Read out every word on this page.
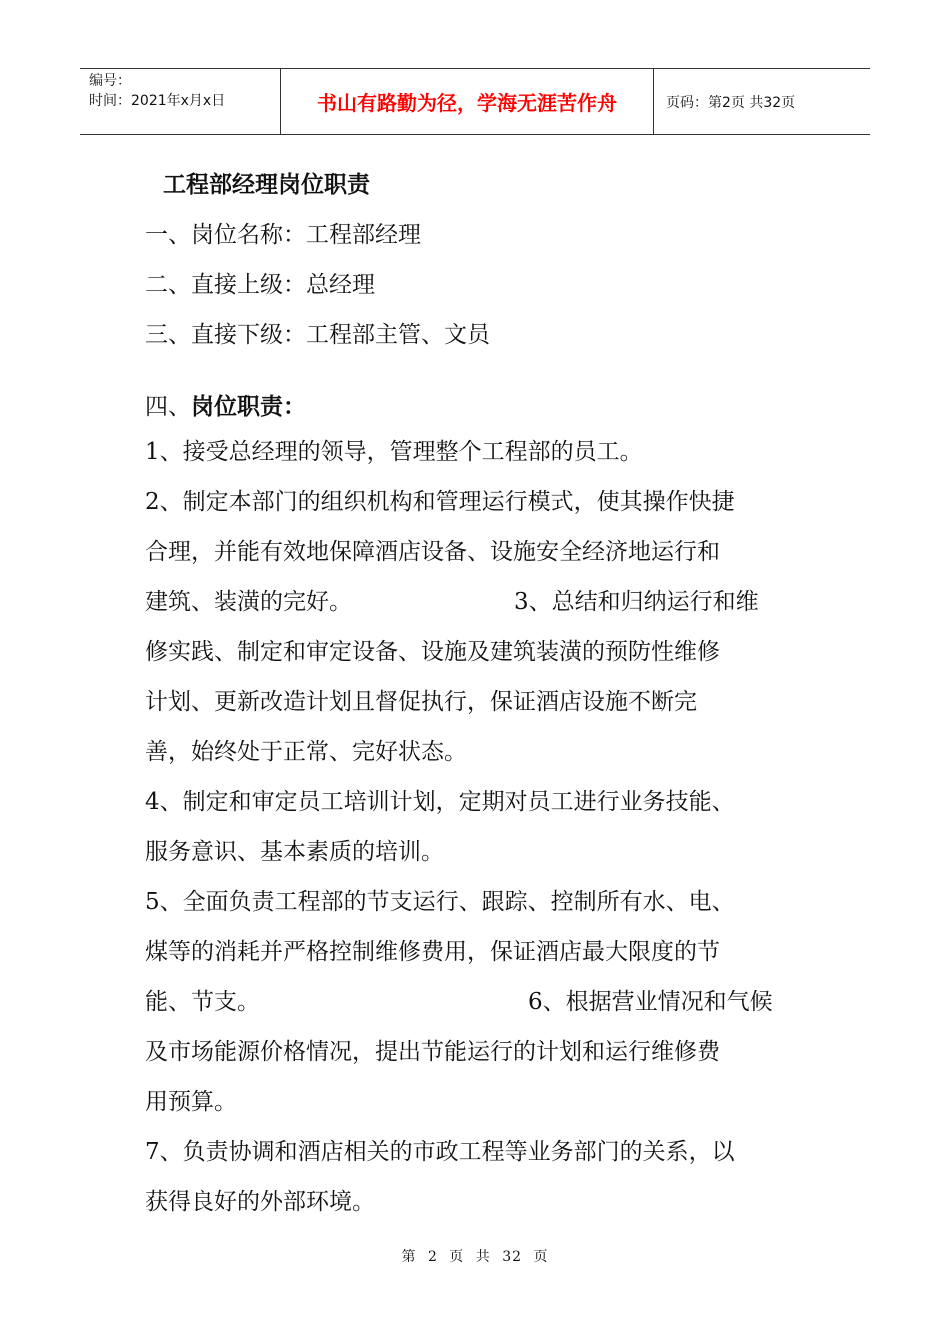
编号：
时间：2021年x月x日	书山有路勤为径，学海无涯苦作舟	页码：第2页 共32页
工程部经理岗位职责
一、岗位名称：工程部经理
二、直接上级：总经理
三、直接下级：工程部主管、文员
四、岗位职责：
1、接受总经理的领导，管理整个工程部的员工。
2、制定本部门的组织机构和管理运行模式，使其操作快捷
合理，并能有效地保障酒店设备、设施安全经济地运行和
建筑、装潢的完好。	3、总结和归纳运行和维
修实践、制定和审定设备、设施及建筑装潢的预防性维修
计划、更新改造计划且督促执行，保证酒店设施不断完
善，始终处于正常、完好状态。
4、制定和审定员工培训计划，定期对员工进行业务技能、
服务意识、基本素质的培训。
5、全面负责工程部的节支运行、跟踪、控制所有水、电、
煤等的消耗并严格控制维修费用，保证酒店最大限度的节
能、节支。	6、根据营业情况和气候
及市场能源价格情况，提出节能运行的计划和运行维修费
用预算。
7、负责协调和酒店相关的市政工程等业务部门的关系，以
获得良好的外部环境。
第 2 页 共 32 页
